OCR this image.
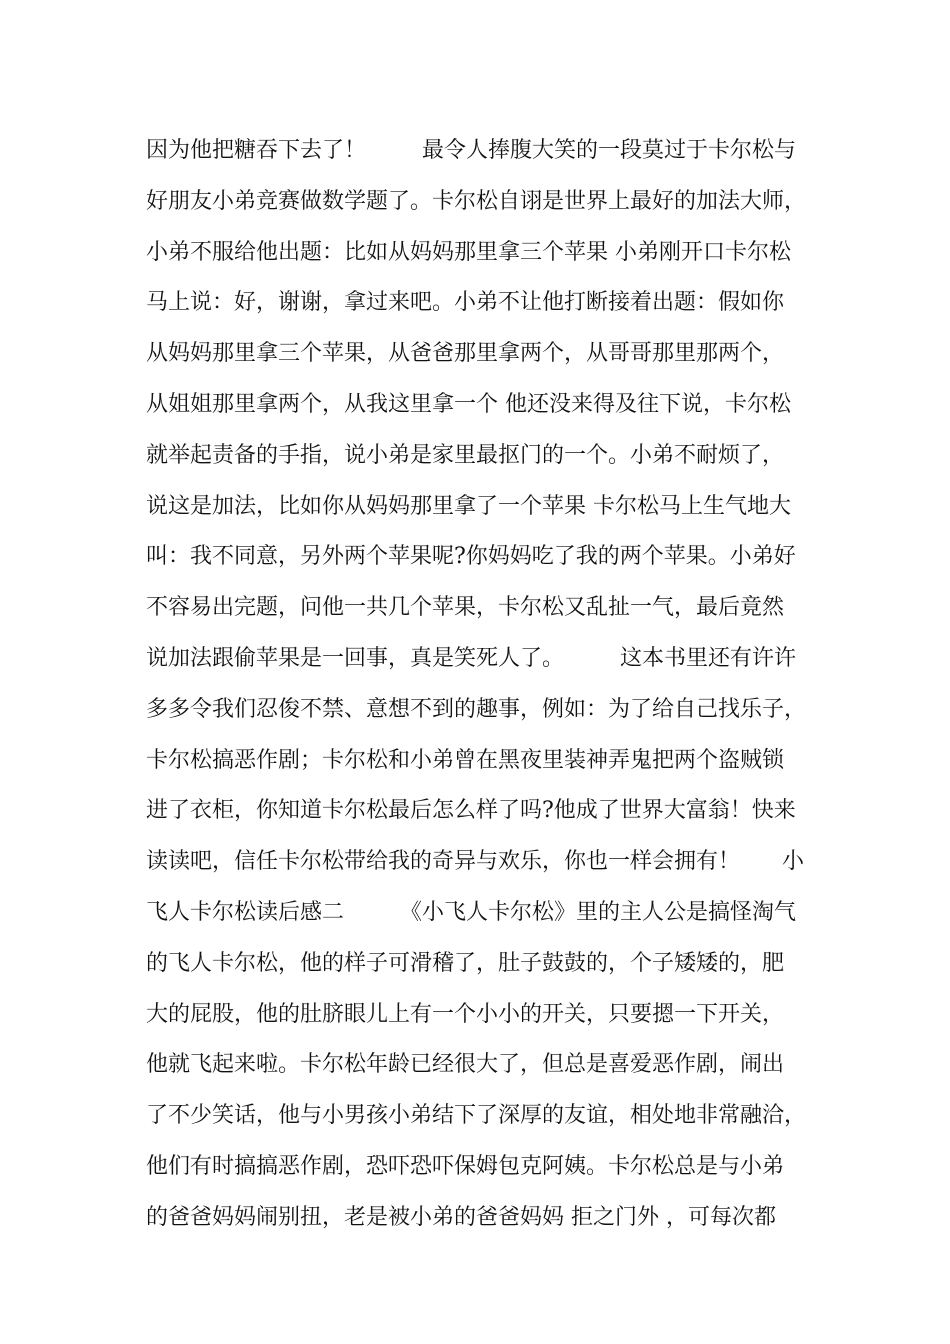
因为他把糖吞下去了！        最令人捧腹大笑的一段莫过于卡尔松与
好朋友小弟竞赛做数学题了。卡尔松自诩是世界上最好的加法大师，
小弟不服给他出题：比如从妈妈那里拿三个苹果 小弟刚开口卡尔松
马上说：好，谢谢，拿过来吧。小弟不让他打断接着出题：假如你
从妈妈那里拿三个苹果，从爸爸那里拿两个，从哥哥那里那两个，
从姐姐那里拿两个，从我这里拿一个 他还没来得及往下说，卡尔松
就举起责备的手指，说小弟是家里最抠门的一个。小弟不耐烦了，
说这是加法，比如你从妈妈那里拿了一个苹果 卡尔松马上生气地大
叫：我不同意，另外两个苹果呢?你妈妈吃了我的两个苹果。小弟好
不容易出完题，问他一共几个苹果，卡尔松又乱扯一气，最后竟然
说加法跟偷苹果是一回事，真是笑死人了。        这本书里还有许许
多多令我们忍俊不禁、意想不到的趣事，例如：为了给自己找乐子，
卡尔松搞恶作剧；卡尔松和小弟曾在黑夜里装神弄鬼把两个盗贼锁
进了衣柜，你知道卡尔松最后怎么样了吗?他成了世界大富翁！快来
读读吧，信任卡尔松带给我的奇异与欢乐，你也一样会拥有！      小
飞人卡尔松读后感二        《小飞人卡尔松》里的主人公是搞怪淘气
的飞人卡尔松，他的样子可滑稽了，肚子鼓鼓的，个子矮矮的，肥
大的屁股，他的肚脐眼儿上有一个小小的开关，只要摁一下开关，
他就飞起来啦。卡尔松年龄已经很大了，但总是喜爱恶作剧，闹出
了不少笑话，他与小男孩小弟结下了深厚的友谊，相处地非常融洽，
他们有时搞搞恶作剧，恐吓恐吓保姆包克阿姨。卡尔松总是与小弟
的爸爸妈妈闹别扭，老是被小弟的爸爸妈妈 拒之门外 ，可每次都
